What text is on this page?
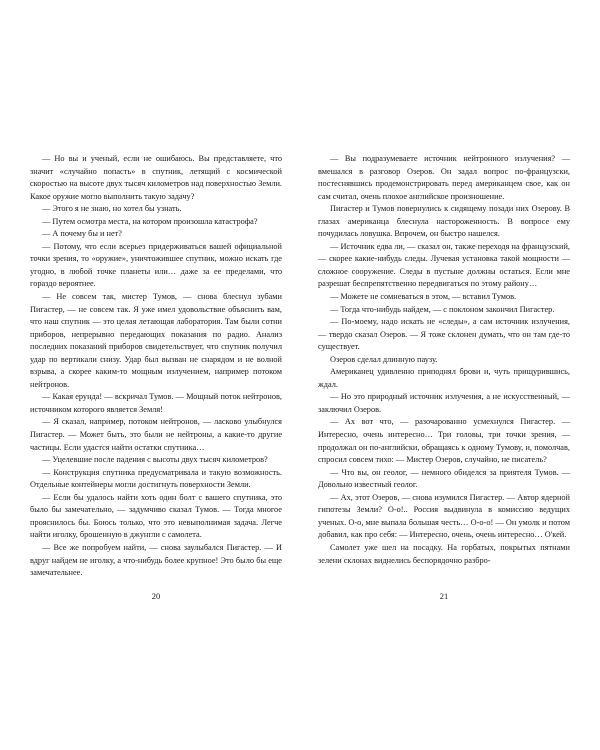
— Но вы и ученый, если не ошибаюсь. Вы представляете, что значит «случайно попасть» в спутник, летящий с космической скоростью на высоте двух тысяч километров над поверхностью Земли. Какое оружие могло выполнить такую задачу?

— Этого я не знаю, но хотел бы узнать.

— Путем осмотра места, на котором произошла катастрофа?

— А почему бы и нет?

— Потому, что если всерьез придерживаться вашей официальной точки зрения, то «оружие», уничтожившее спутник, можно искать где угодно, в любой точке планеты или… даже за ее пределами, что гораздо вероятнее.

— Не совсем так, мистер Тумов, — снова блеснул зубами Пигастер, — не совсем так. Я уже имел удовольствие объяснить вам, что наш спутник — это целая летающая лаборатория. Там были сотни приборов, непрерывно передающих показания по радио. Анализ последних показаний приборов свидетельствует, что спутник получил удар по вертикали снизу. Удар был вызван не снарядом и не волной взрыва, а скорее каким-то мощным излучением, например потоком нейтронов.

— Какая ерунда! — вскричал Тумов. — Мощный поток нейтронов, источником которого является Земля!

— Я сказал, например, потоком нейтронов, — ласково улыбнулся Пигастер. — Может быть, это были не нейтроны, а какие-то другие частицы. Если удастся найти остатки спутника…

— Уцелевшие после падения с высоты двух тысяч километров?

— Конструкция спутника предусматривала и такую возможность. Отдельные контейнеры могли достигнуть поверхности Земли.

— Если бы удалось найти хоть один болт с вашего спутника, это было бы замечательно, — задумчиво сказал Тумов. — Тогда многое прояснилось бы. Боюсь только, что это невыполнимая задача. Легче найти иголку, брошенную в джунгли с самолета.

— Все же попробуем найти, — снова заулыбался Пигастер. — И вдруг найдем не иголку, а что-нибудь более крупное! Это было бы еще замечательнее.

— Вы подразумеваете источник нейтронного излучения? — вмешался в разговор Озеров. Он задал вопрос по-французски, постеснявшись продемонстрировать перед американцем свое, как он сам считал, очень плохое английское произношение.

Пигастер и Тумов повернулись к сидящему позади них Озерову. В глазах американца блеснула настороженность. В вопросе ему почудилась ловушка. Впрочем, он быстро нашелся.

— Источник едва ли, — сказал он, также переходя на французский, — скорее какие-нибудь следы. Лучевая установка такой мощности — сложное сооружение. Следы в пустыне должны остаться. Если мне разрешат беспрепятственно передвигаться по этому району…

— Можете не сомневаться в этом, — вставил Тумов.

— Тогда что-нибудь найдем, — с поклоном закончил Пигастер.

— По-моему, надо искать не «следы», а сам источник излучения, — твердо сказал Озеров. — Я тоже склонен думать, что он там где-то существует.

Озеров сделал длинную паузу.

Американец удивленно приподнял брови и, чуть прищурившись, ждал.

— Но это природный источник излучения, а не искусственный, — заключил Озеров.

— Ах вот что, — разочарованно усмехнулся Пигастер. — Интересно, очень интересно… Три головы, три точки зрения, — продолжал он по-английски, обращаясь к одному Тумову, и, помолчав, спросил совсем тихо: — Мистер Озеров, случайно, не писатель?

— Что вы, он геолог, — немного обиделся за приятеля Тумов. — Довольно известный геолог.

— Ах, этот Озеров, — снова изумился Пигастер. — Автор ядерной гипотезы Земли? О-о!.. Россия выдвинула в комиссию ведущих ученых. О-о, мне выпала большая честь… О-о-о! — Он умолк и потом добавил, как про себя: — Интересно, очень, очень интересно… О'кей.

Самолет уже шел на посадку. На горбатых, покрытых пятнами зелени склонах виднелись беспорядочно разбро-

20	21
